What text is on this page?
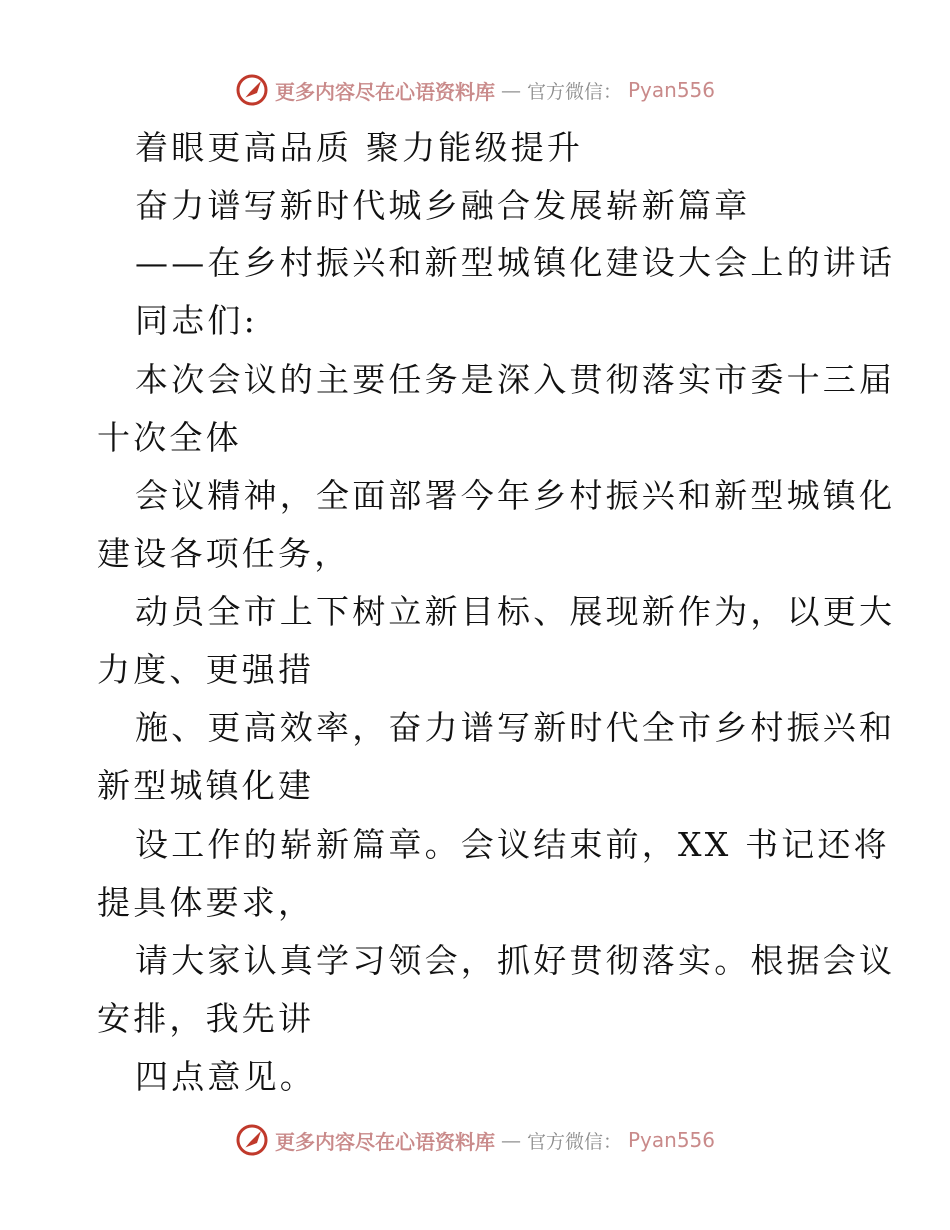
更多内容尽在心语资料库 — 官方微信： Pyan556
着眼更高品质 聚力能级提升
奋力谱写新时代城乡融合发展崭新篇章
——在乡村振兴和新型城镇化建设大会上的讲话
同志们:
本次会议的主要任务是深入贯彻落实市委十三届
十次全体
会议精神，全面部署今年乡村振兴和新型城镇化
建设各项任务，
动员全市上下树立新目标、展现新作为，以更大
力度、更强措
施、更高效率，奋力谱写新时代全市乡村振兴和
新型城镇化建
设工作的崭新篇章。会议结束前，XX 书记还将
提具体要求，
请大家认真学习领会，抓好贯彻落实。根据会议
安排，我先讲
四点意见。
更多内容尽在心语资料库 — 官方微信： Pyan556
